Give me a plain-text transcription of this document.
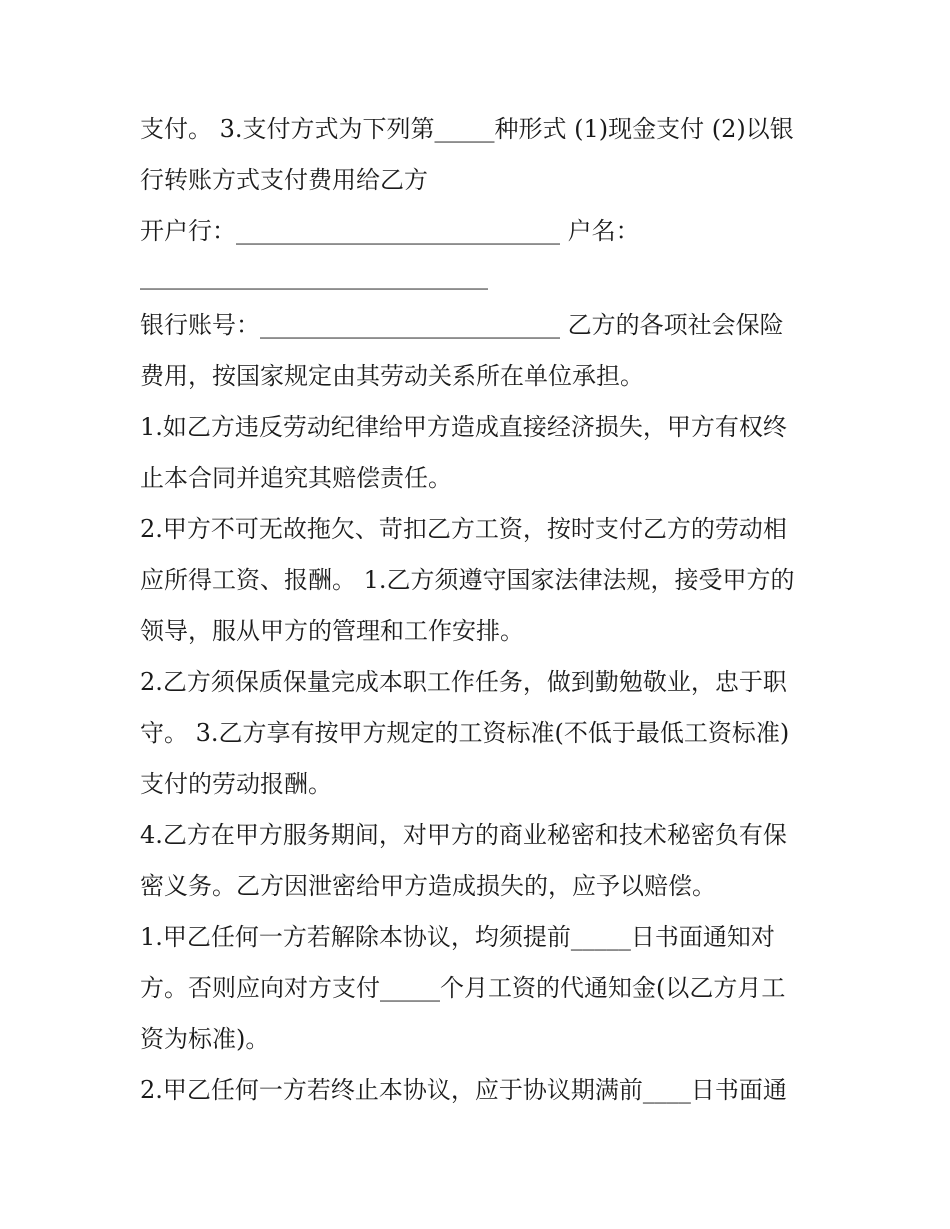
支付。 3.支付方式为下列第_____种形式 (1)现金支付 (2)以银
行转账方式支付费用给乙方
开户行：___________________________ 户名：
_____________________________
银行账号：_________________________ 乙方的各项社会保险
费用，按国家规定由其劳动关系所在单位承担。
1.如乙方违反劳动纪律给甲方造成直接经济损失，甲方有权终
止本合同并追究其赔偿责任。
2.甲方不可无故拖欠、苛扣乙方工资，按时支付乙方的劳动相
应所得工资、报酬。 1.乙方须遵守国家法律法规，接受甲方的
领导，服从甲方的管理和工作安排。
2.乙方须保质保量完成本职工作任务，做到勤勉敬业，忠于职
守。 3.乙方享有按甲方规定的工资标准(不低于最低工资标准)
支付的劳动报酬。
4.乙方在甲方服务期间，对甲方的商业秘密和技术秘密负有保
密义务。乙方因泄密给甲方造成损失的，应予以赔偿。
1.甲乙任何一方若解除本协议，均须提前_____日书面通知对
方。否则应向对方支付_____个月工资的代通知金(以乙方月工
资为标准)。
2.甲乙任何一方若终止本协议，应于协议期满前____日书面通
